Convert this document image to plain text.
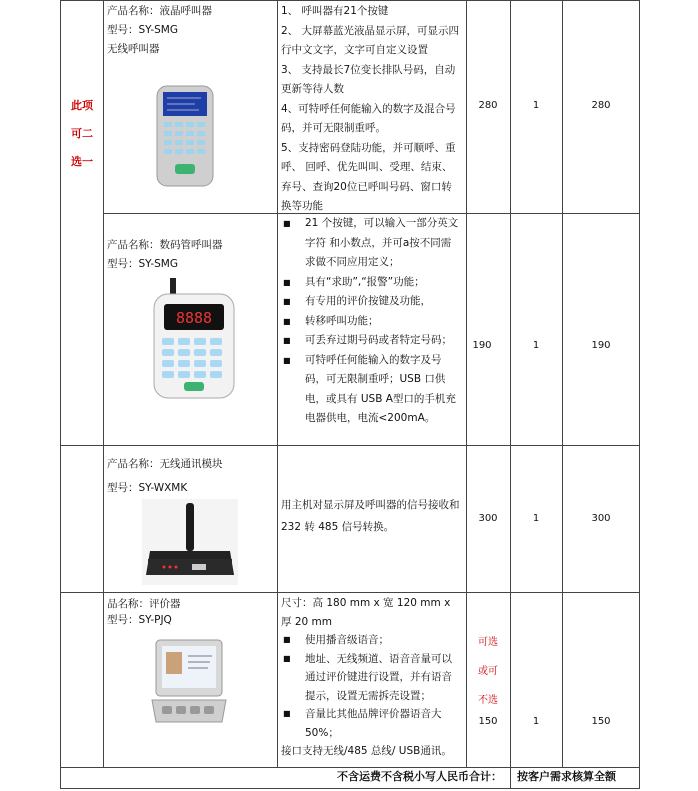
此项
可二
选一
产品名称：液晶呼叫器
型号：SY-SMG
无线呼叫器
1、 呼叫器有21个按键
2、 大屏幕蓝光液晶显示屏，可显示四行中文文字，文字可自定义设置
3、 支持最长7位变长排队号码，自动更新等待人数
4、可特呼任何能输入的数字及混合号码，并可无限制重呼。
5、支持密码登陆功能，并可顺呼、重呼、 回呼、优先叫叫、受理、结束、弃号、查询20位已呼叫号码、窗口转换等功能
280	1	280
产品名称：数码管呼叫器
型号：SY-SMG
8888
■ 21 个按键，可以输入一部分英文字符 和小数点，并可a按不同需求做不同应用定义；
■ 具有“求助”,“报警”功能；
■ 有专用的评价按键及功能，
■ 转移呼叫功能；
■ 可丢弃过期号码或者特定号码；
■ 可特呼任何能输入的数字及号码，可无限制重呼；USB 口供电，或具有 USB A型口的手机充电器供电，电流<200mA。
190	1	190
产品名称：无线通讯模块
型号：SY-WXMK
用主机对显示屏及呼叫器的信号接收和232 转 485 信号转换。
300	1	300
品名称：评价器
型号：SY-PJQ
尺寸：高 180 mm x 宽 120 mm x 厚 20 mm
■ 使用播音级语音；
■ 地址、无线频道、语音音量可以通过评价键进行设置，并有语音提示，设置无需拆壳设置；
■ 音量比其他品牌评价器语音大50%；
接口支持无线/485 总线/ USB通讯。
可选
或可
不选
150	1	150
不含运费不含税小写人民币合计： 按客户需求核算全额
